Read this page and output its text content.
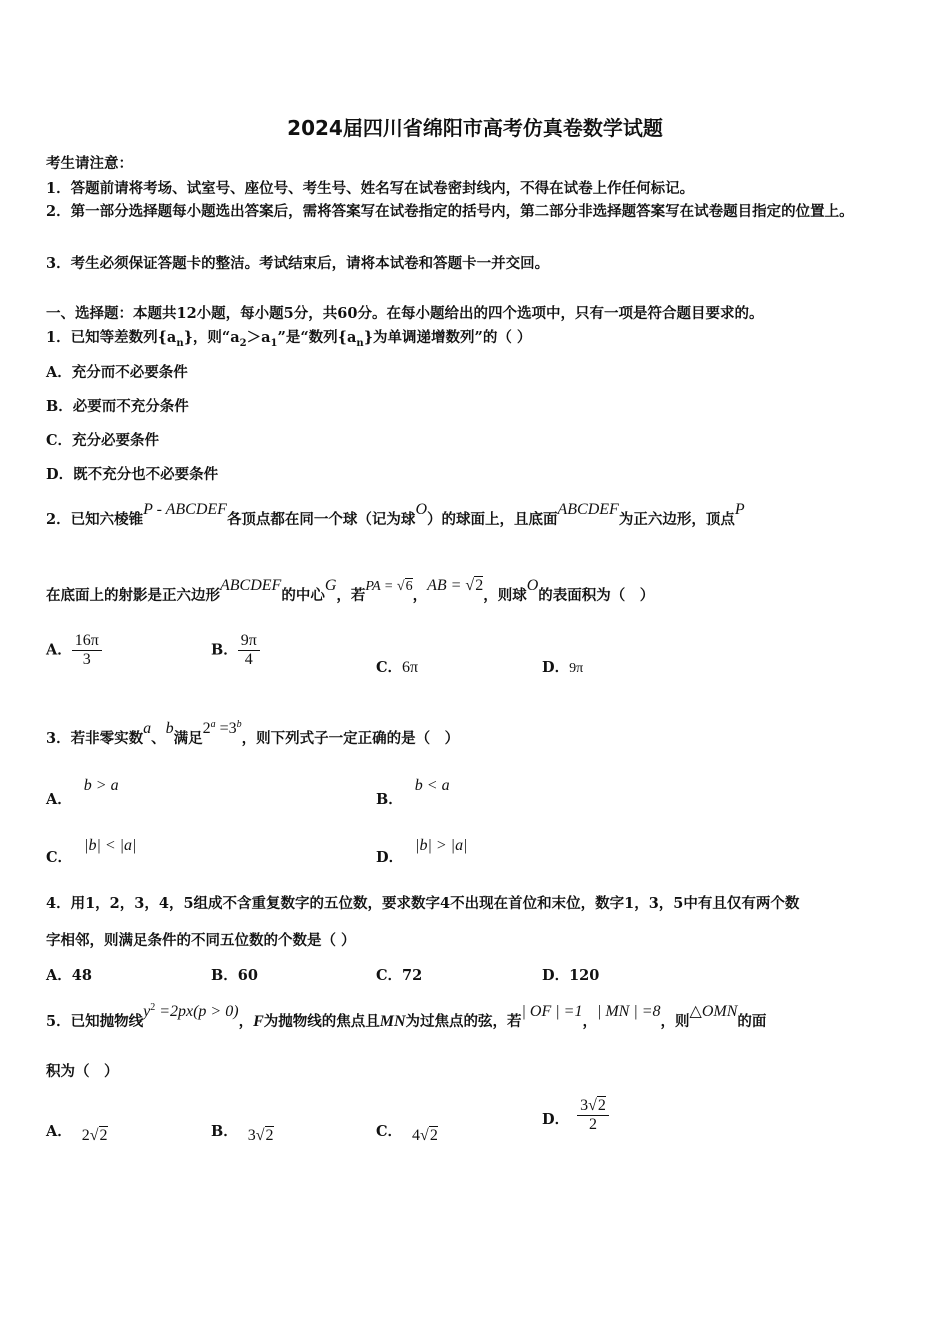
2024届四川省绵阳市高考仿真卷数学试题
考生请注意：
1．答题前请将考场、试室号、座位号、考生号、姓名写在试卷密封线内，不得在试卷上作任何标记。
2．第一部分选择题每小题选出答案后，需将答案写在试卷指定的括号内，第二部分非选择题答案写在试卷题目指定的位置上。
3．考生必须保证答题卡的整洁。考试结束后，请将本试卷和答题卡一并交回。
一、选择题：本题共12小题，每小题5分，共60分。在每小题给出的四个选项中，只有一项是符合题目要求的。
1．已知等差数列$\{a_n\}$，则“$a_2>a_1$”是“数列$\{a_n\}$为单调递增数列”的（ ）
A．充分而不必要条件
B．必要而不充分条件
C．充分必要条件
D．既不充分也不必要条件
2．已知六棱锥P - ABCDEF各顶点都在同一个球（记为球O）的球面上，且底面ABCDEF为正六边形，顶点P
在底面上的射影是正六边形ABCDEF的中心G，若PA = √6，AB = √2，则球O的表面积为（　）
A． $\frac{16\pi}{3}$	B． $\frac{9\pi}{4}$	C．6π	D．9π
3．若非零实数a、b满足$2^a =3^b$，则下列式子一定正确的是（　）
A．b > a
B．b < a
C．|b| < |a|
D．|b| > |a|
4．用1，2，3，4，5组成不含重复数字的五位数，要求数字4不出现在首位和末位，数字1，3，5中有且仅有两个数
字相邻，则满足条件的不同五位数的个数是（ ）
A．48	B．60	C．72	D．120
5．已知抛物线$y^2 =2px(p > 0)$，F为抛物线的焦点且MN为过焦点的弦，若| OF | =1，| MN | =8，则△OMN的面
积为（　）
A． 2√2	B． 3√2	C． 4√2
D． $\frac{3√2}{2}$
